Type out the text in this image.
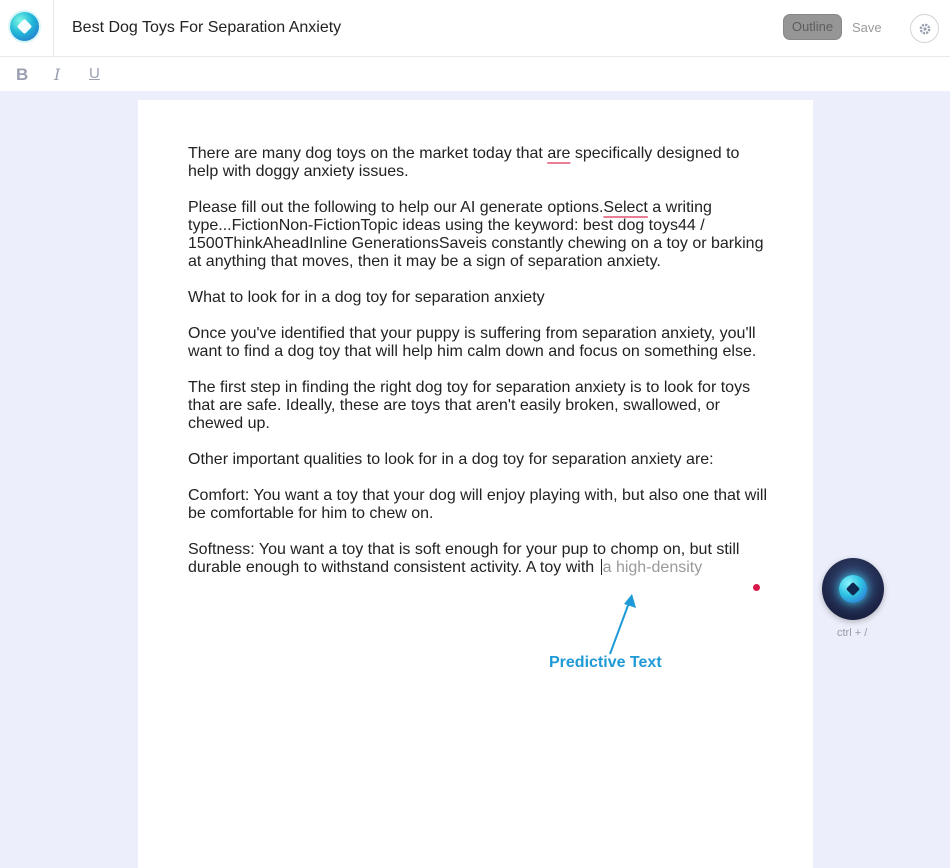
Best Dog Toys For Separation Anxiety	Outline	Save
B I U

There are many dog toys on the market today that are specifically designed to help with doggy anxiety issues.

Please fill out the following to help our AI generate options.Select a writing type...FictionNon-FictionTopic ideas using the keyword: best dog toys44 / 1500ThinkAheadInline GenerationsSaveis constantly chewing on a toy or barking at anything that moves, then it may be a sign of separation anxiety.

What to look for in a dog toy for separation anxiety

Once you've identified that your puppy is suffering from separation anxiety, you'll want to find a dog toy that will help him calm down and focus on something else.

The first step in finding the right dog toy for separation anxiety is to look for toys that are safe. Ideally, these are toys that aren't easily broken, swallowed, or chewed up.

Other important qualities to look for in a dog toy for separation anxiety are:

Comfort: You want a toy that your dog will enjoy playing with, but also one that will be comfortable for him to chew on.

Softness: You want a toy that is soft enough for your pup to chomp on, but still durable enough to withstand consistent activity. A toy with a high-density

ctrl + /
Predictive Text
